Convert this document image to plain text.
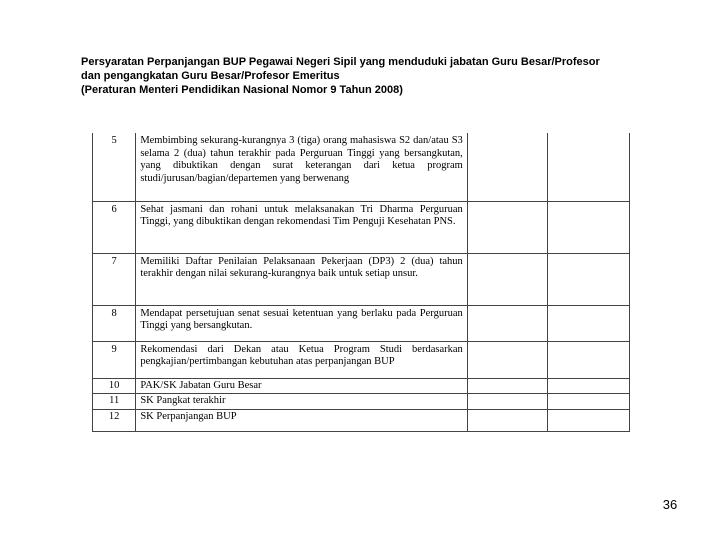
Persyaratan Perpanjangan BUP Pegawai Negeri Sipil yang menduduki jabatan Guru Besar/Profesor
dan pengangkatan Guru Besar/Profesor Emeritus
(Peraturan Menteri Pendidikan Nasional Nomor 9 Tahun 2008)
5	Membimbing sekurang-kurangnya 3 (tiga) orang mahasiswa S2 dan/atau S3 selama 2 (dua) tahun terakhir pada Perguruan Tinggi yang bersangkutan, yang dibuktikan dengan surat keterangan dari ketua program studi/jurusan/bagian/departemen yang berwenang		
6	Sehat jasmani dan rohani untuk melaksanakan Tri Dharma Perguruan Tinggi, yang dibuktikan dengan rekomendasi Tim Penguji Kesehatan PNS.		
7	Memiliki Daftar Penilaian Pelaksanaan Pekerjaan (DP3) 2 (dua) tahun terakhir dengan nilai sekurang-kurangnya baik untuk setiap unsur.		
8	Mendapat persetujuan senat sesuai ketentuan yang berlaku pada Perguruan Tinggi yang bersangkutan.		
9	Rekomendasi dari Dekan atau Ketua Program Studi berdasarkan pengkajian/pertimbangan kebutuhan atas perpanjangan BUP		
10	PAK/SK Jabatan Guru Besar		
11	SK Pangkat terakhir		
12	SK Perpanjangan BUP		
36
